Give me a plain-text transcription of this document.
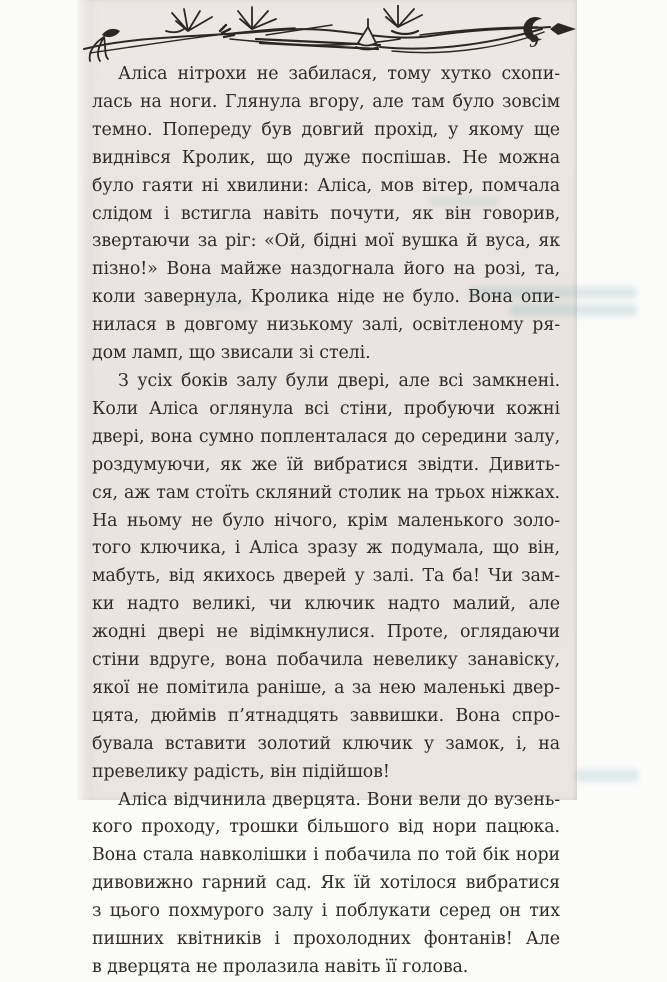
9

Аліса нітрохи не забилася, тому хутко схопи-
лась на ноги. Глянула вгору, але там було зовсім
темно. Попереду був довгий прохід, у якому ще
виднівся Кролик, що дуже поспішав. Не можна
було гаяти ні хвилини: Аліса, мов вітер, помчала
слідом і встигла навіть почути, як він говорив,
звертаючи за ріг: «Ой, бідні мої вушка й вуса, як
пізно!» Вона майже наздогнала його на розі, та,
коли завернула, Кролика ніде не було. Вона опи-
нилася в довгому низькому залі, освітленому ря-
дом ламп, що звисали зі стелі.

З усіх боків залу були двері, але всі замкнені.
Коли Аліса оглянула всі стіни, пробуючи кожні
двері, вона сумно попленталася до середини залу,
роздумуючи, як же їй вибратися звідти. Дивить-
ся, аж там стоїть скляний столик на трьох ніжках.
На ньому не було нічого, крім маленького золо-
того ключика, і Аліса зразу ж подумала, що він,
мабуть, від якихось дверей у залі. Та ба! Чи зам-
ки надто великі, чи ключик надто малий, але
жодні двері не відімкнулися. Проте, оглядаючи
стіни вдруге, вона побачила невелику занавіску,
якої не помітила раніше, а за нею маленькі двер-
цята, дюймів п’ятнадцять заввишки. Вона спро-
бувала вставити золотий ключик у замок, і, на
превелику радість, він підійшов!

Аліса відчинила дверцята. Вони вели до вузень-
кого проходу, трошки більшого від нори пацюка.
Вона стала навколішки і побачила по той бік нори
дивовижно гарний сад. Як їй хотілося вибратися
з цього похмурого залу і поблукати серед он тих
пишних квітників і прохолодних фонтанів! Але
в дверцята не пролазила навіть її голова.
